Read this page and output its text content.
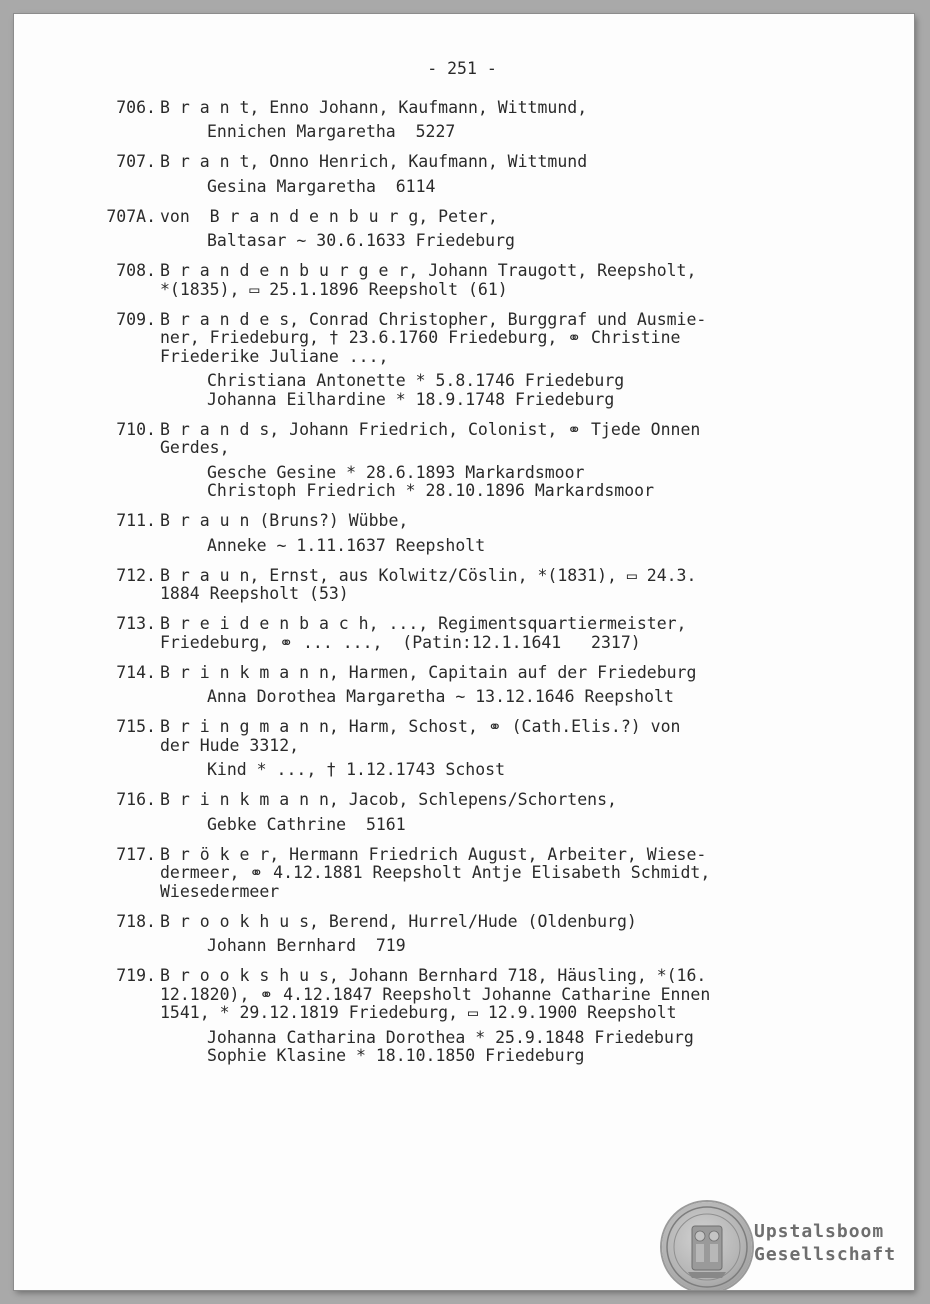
- 251 -
706. B r a n t, Enno Johann, Kaufmann, Wittmund,
Ennichen Margaretha  5227
707. B r a n t, Onno Henrich, Kaufmann, Wittmund
Gesina Margaretha  6114
707A. von  B r a n d e n b u r g, Peter,
Baltasar ~ 30.6.1633 Friedeburg
708. B r a n d e n b u r g e r, Johann Traugott, Reepsholt,
*(1835), ▭ 25.1.1896 Reepsholt (61)
709. B r a n d e s, Conrad Christopher, Burggraf und Ausmie-
ner, Friedeburg, † 23.6.1760 Friedeburg, ⚭ Christine
Friederike Juliane ...,
Christiana Antonette * 5.8.1746 Friedeburg
Johanna Eilhardine * 18.9.1748 Friedeburg
710. B r a n d s, Johann Friedrich, Colonist, ⚭ Tjede Onnen
Gerdes,
Gesche Gesine * 28.6.1893 Markardsmoor
Christoph Friedrich * 28.10.1896 Markardsmoor
711. B r a u n (Bruns?) Wübbe,
Anneke ~ 1.11.1637 Reepsholt
712. B r a u n, Ernst, aus Kolwitz/Cöslin, *(1831), ▭ 24.3.
1884 Reepsholt (53)
713. B r e i d e n b a c h, ..., Regimentsquartiermeister,
Friedeburg, ⚭ ... ...,  (Patin:12.1.1641   2317)
714. B r i n k m a n n, Harmen, Capitain auf der Friedeburg
Anna Dorothea Margaretha ~ 13.12.1646 Reepsholt
715. B r i n g m a n n, Harm, Schost, ⚭ (Cath.Elis.?) von
der Hude 3312,
Kind * ..., † 1.12.1743 Schost
716. B r i n k m a n n, Jacob, Schlepens/Schortens,
Gebke Cathrine  5161
717. B r ö k e r, Hermann Friedrich August, Arbeiter, Wiese-
dermeer, ⚭ 4.12.1881 Reepsholt Antje Elisabeth Schmidt,
Wiesedermeer
718. B r o o k h u s, Berend, Hurrel/Hude (Oldenburg)
Johann Bernhard  719
719. B r o o k s h u s, Johann Bernhard 718, Häusling, *(16.
12.1820), ⚭ 4.12.1847 Reepsholt Johanne Catharine Ennen
1541, * 29.12.1819 Friedeburg, ▭ 12.9.1900 Reepsholt
Johanna Catharina Dorothea * 25.9.1848 Friedeburg
Sophie Klasine * 18.10.1850 Friedeburg
Upstalsboom
Gesellschaft
